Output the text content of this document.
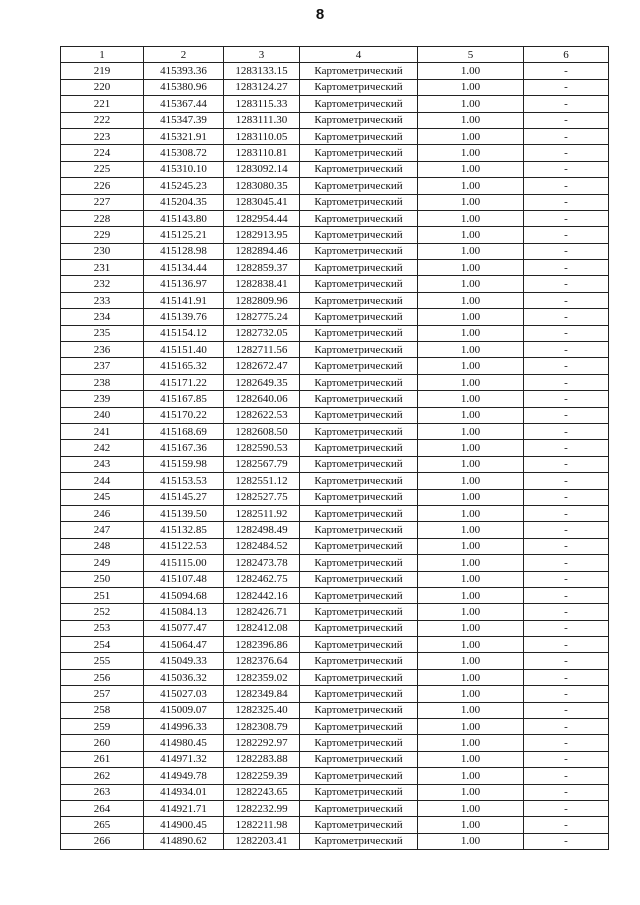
8
1	2	3	4	5	6
219	415393.36	1283133.15	Картометрический	1.00	-
220	415380.96	1283124.27	Картометрический	1.00	-
221	415367.44	1283115.33	Картометрический	1.00	-
222	415347.39	1283111.30	Картометрический	1.00	-
223	415321.91	1283110.05	Картометрический	1.00	-
224	415308.72	1283110.81	Картометрический	1.00	-
225	415310.10	1283092.14	Картометрический	1.00	-
226	415245.23	1283080.35	Картометрический	1.00	-
227	415204.35	1283045.41	Картометрический	1.00	-
228	415143.80	1282954.44	Картометрический	1.00	-
229	415125.21	1282913.95	Картометрический	1.00	-
230	415128.98	1282894.46	Картометрический	1.00	-
231	415134.44	1282859.37	Картометрический	1.00	-
232	415136.97	1282838.41	Картометрический	1.00	-
233	415141.91	1282809.96	Картометрический	1.00	-
234	415139.76	1282775.24	Картометрический	1.00	-
235	415154.12	1282732.05	Картометрический	1.00	-
236	415151.40	1282711.56	Картометрический	1.00	-
237	415165.32	1282672.47	Картометрический	1.00	-
238	415171.22	1282649.35	Картометрический	1.00	-
239	415167.85	1282640.06	Картометрический	1.00	-
240	415170.22	1282622.53	Картометрический	1.00	-
241	415168.69	1282608.50	Картометрический	1.00	-
242	415167.36	1282590.53	Картометрический	1.00	-
243	415159.98	1282567.79	Картометрический	1.00	-
244	415153.53	1282551.12	Картометрический	1.00	-
245	415145.27	1282527.75	Картометрический	1.00	-
246	415139.50	1282511.92	Картометрический	1.00	-
247	415132.85	1282498.49	Картометрический	1.00	-
248	415122.53	1282484.52	Картометрический	1.00	-
249	415115.00	1282473.78	Картометрический	1.00	-
250	415107.48	1282462.75	Картометрический	1.00	-
251	415094.68	1282442.16	Картометрический	1.00	-
252	415084.13	1282426.71	Картометрический	1.00	-
253	415077.47	1282412.08	Картометрический	1.00	-
254	415064.47	1282396.86	Картометрический	1.00	-
255	415049.33	1282376.64	Картометрический	1.00	-
256	415036.32	1282359.02	Картометрический	1.00	-
257	415027.03	1282349.84	Картометрический	1.00	-
258	415009.07	1282325.40	Картометрический	1.00	-
259	414996.33	1282308.79	Картометрический	1.00	-
260	414980.45	1282292.97	Картометрический	1.00	-
261	414971.32	1282283.88	Картометрический	1.00	-
262	414949.78	1282259.39	Картометрический	1.00	-
263	414934.01	1282243.65	Картометрический	1.00	-
264	414921.71	1282232.99	Картометрический	1.00	-
265	414900.45	1282211.98	Картометрический	1.00	-
266	414890.62	1282203.41	Картометрический	1.00	-
